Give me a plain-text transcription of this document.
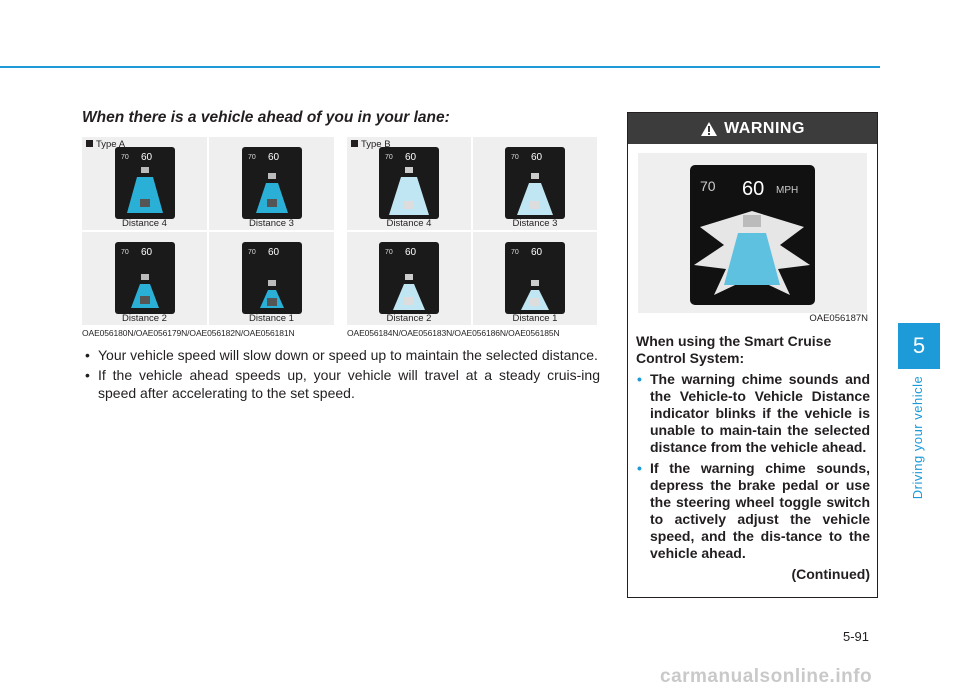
When there is a vehicle ahead of you in your lane:
70 60
Distance 4
Type A
70 60
Distance 3
70 60
Distance 2
70 60
Distance 1
OAE056180N/OAE056179N/OAE056182N/OAE056181N
70 60
Distance 4
Type B
70 60
Distance 3
70 60
Distance 2
70 60
Distance 1
OAE056184N/OAE056183N/OAE056186N/OAE056185N
• Your vehicle speed will slow down or speed up to maintain the selected distance.
• If the vehicle ahead speeds up, your vehicle will travel at a steady cruis-ing speed after accelerating to the set speed.
WARNING
70 60 MPH
OAE056187N

When using the Smart Cruise Control System:

• The warning chime sounds and the Vehicle-to Vehicle Distance indicator blinks if the vehicle is unable to main-tain the selected distance from the vehicle ahead.
• If the warning chime sounds, depress the brake pedal or use the steering wheel toggle switch to actively adjust the vehicle speed, and the dis-tance to the vehicle ahead.

(Continued)

5
Driving your vehicle
5-91
carmanualsonline.info
